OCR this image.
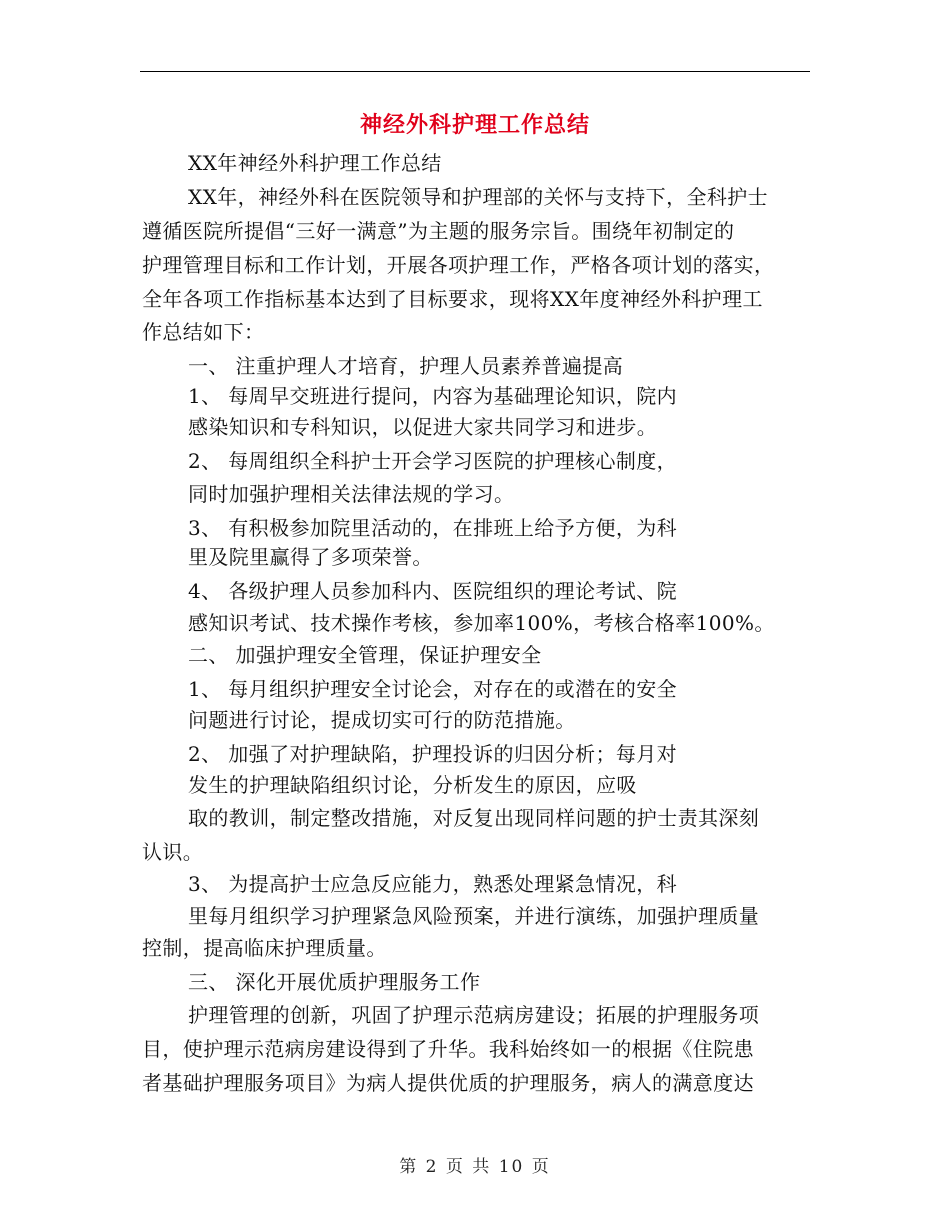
神经外科护理工作总结
XX年神经外科护理工作总结
XX年，神经外科在医院领导和护理部的关怀与支持下，全科护士
遵循医院所提倡“三好一满意”为主题的服务宗旨。围绕年初制定的
护理管理目标和工作计划，开展各项护理工作，严格各项计划的落实，
全年各项工作指标基本达到了目标要求，现将XX年度神经外科护理工
作总结如下：
一、 注重护理人才培育，护理人员素养普遍提高
1、 每周早交班进行提问，内容为基础理论知识，院内
感染知识和专科知识，以促进大家共同学习和进步。
2、 每周组织全科护士开会学习医院的护理核心制度，
同时加强护理相关法律法规的学习。
3、 有积极参加院里活动的，在排班上给予方便，为科
里及院里赢得了多项荣誉。
4、 各级护理人员参加科内、医院组织的理论考试、院
感知识考试、技术操作考核，参加率100%，考核合格率100%。
二、 加强护理安全管理，保证护理安全
1、 每月组织护理安全讨论会，对存在的或潜在的安全
问题进行讨论，提成切实可行的防范措施。
2、 加强了对护理缺陷，护理投诉的归因分析；每月对
发生的护理缺陷组织讨论，分析发生的原因，应吸
取的教训，制定整改措施，对反复出现同样问题的护士责其深刻
认识。
3、 为提高护士应急反应能力，熟悉处理紧急情况，科
里每月组织学习护理紧急风险预案，并进行演练，加强护理质量
控制，提高临床护理质量。
三、 深化开展优质护理服务工作
护理管理的创新，巩固了护理示范病房建设；拓展的护理服务项
目，使护理示范病房建设得到了升华。我科始终如一的根据《住院患
者基础护理服务项目》为病人提供优质的护理服务，病人的满意度达
第 2 页 共 10 页
